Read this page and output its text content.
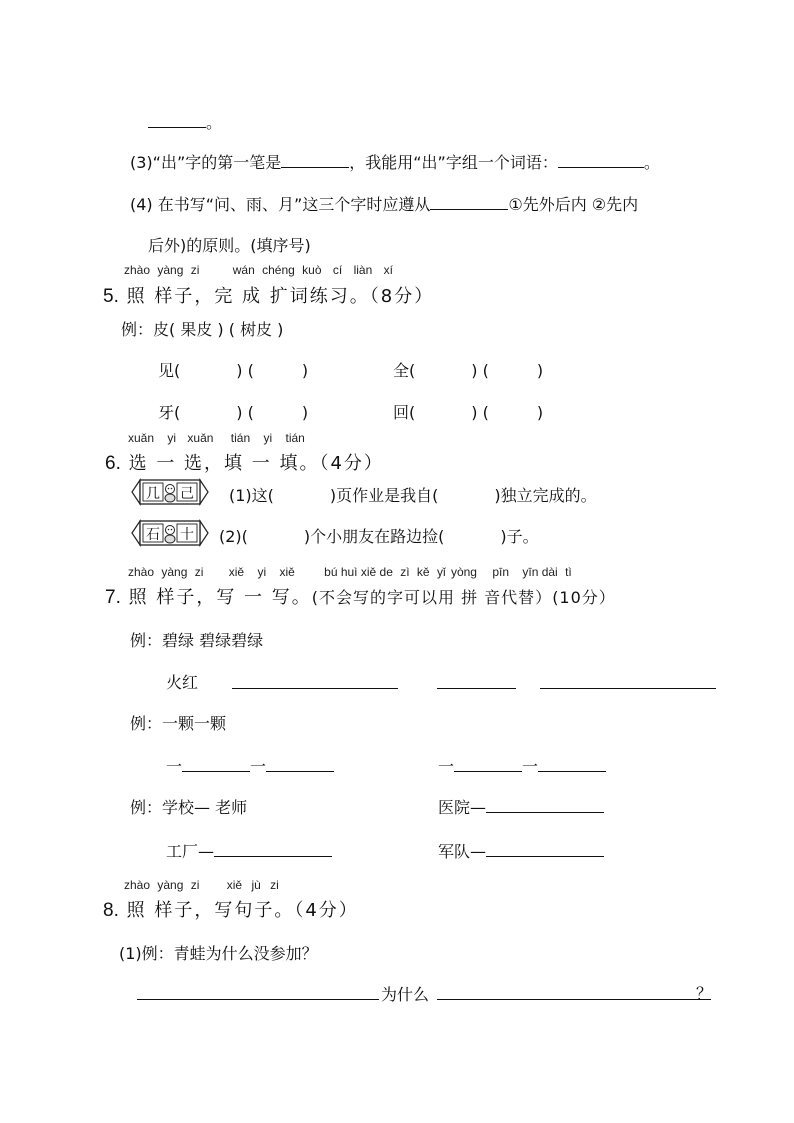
。
(3)“出”字的第一笔是	，我能用“出”字组一个词语：	。
(4) 在书写“问、雨、月”这三个字时应遵从	①先外后内 ②先内
后外)的原则。(填序号)
zhào yàng zi	wán chéng kuò cí liàn xí
5. 照 样子，完 成 扩词练习。（8分）
例：皮( 果皮 ) ( 树皮 )
见(	) (	)	全(	) (	)
牙(	) (	)	回(	) (	)
xuǎn yi xuǎn tián yi tián
6. 选 一 选，填 一 填。（4分）
几 己 (1)这(	)页作业是我自(	)独立完成的。
石 十 (2)(	)个小朋友在路边捡(	)子。
zhào yàng zi xiě yi xiě bú huì xiě de zì kě yǐ yòng pīn yīn dài tì
7. 照 样子，写 一 写。(不会写的字可以用 拼 音代替）(10分）
例：碧绿 碧绿碧绿
火红
例：一颗一颗
一	一	一	一
例：学校— 老师	医院—
工厂—	军队—
zhào yàng zi xiě jù zi
8. 照 样子，写句子。（4分）
(1)例：青蛙为什么没参加？
为什么	？
